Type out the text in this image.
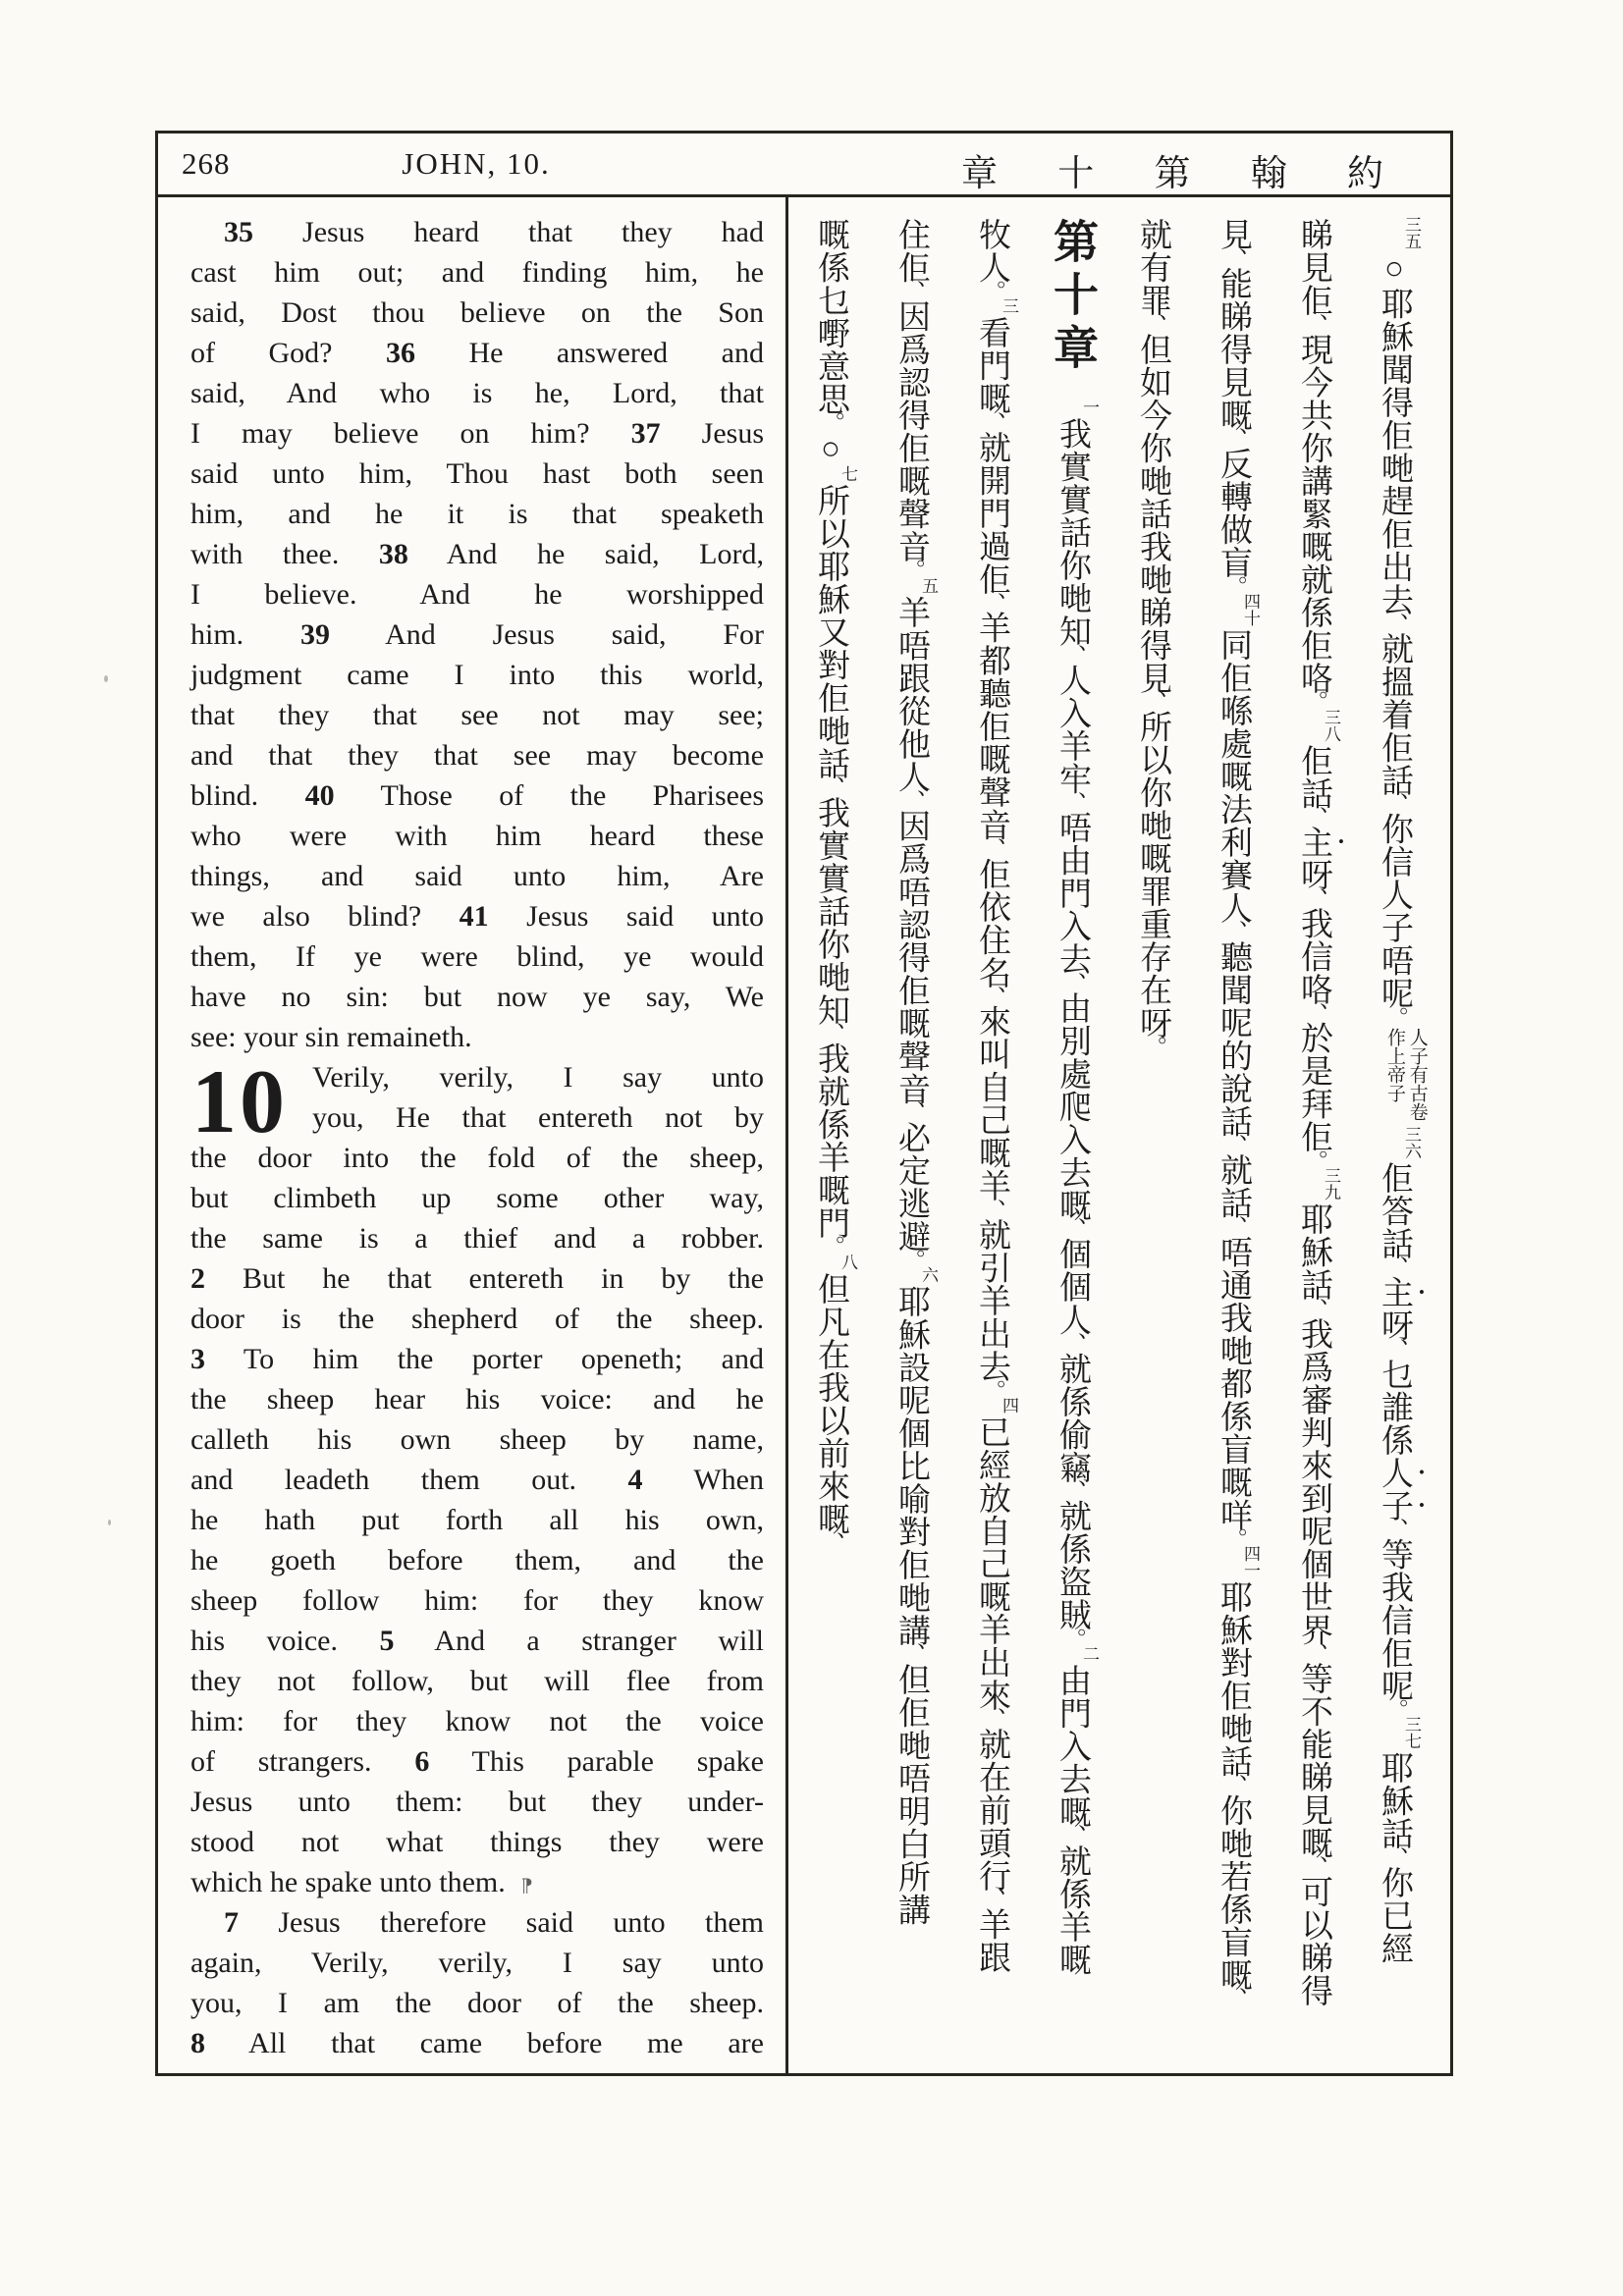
268	JOHN, 10.	章 十 第 翰 約
35 Jesus heard that they had
cast him out; and finding him, he
said, Dost thou believe on the Son
of God? 36 He answered and
said, And who is he, Lord, that
I may believe on him? 37 Jesus
said unto him, Thou hast both seen
him, and he it is that speaketh
with thee. 38 And he said, Lord,
I believe. And he worshipped
him. 39 And Jesus said, For
judgment came I into this world,
that they that see not may see;
and that they that see may become
blind. 40 Those of the Pharisees
who were with him heard these
things, and said unto him, Are
we also blind? 41 Jesus said unto
them, If ye were blind, ye would
have no sin: but now ye say, We
see: your sin remaineth.
Verily, verily, I say unto
you, He that entereth not by
the door into the fold of the sheep,
but climbeth up some other way,
the same is a thief and a robber.
2 But he that entereth in by the
door is the shepherd of the sheep.
3 To him the porter openeth; and
the sheep hear his voice: and he
calleth his own sheep by name,
and leadeth them out. 4 When
he hath put forth all his own,
he goeth before them, and the
sheep follow him: for they know
his voice. 5 And a stranger will
they not follow, but will flee from
him: for they know not the voice
of strangers. 6 This parable spake
Jesus unto them: but they under-
stood not what things they were
which he spake unto them. ⁋
7 Jesus therefore said unto them
again, Verily, verily, I say unto
you, I am the door of the sheep.
8 All that came before me are
10
三五○耶穌聞得佢哋趕佢出去、就搵着佢話、你信人子唔呢。人子有古卷作上帝子三六佢答話、主呀、乜誰係人子、等我信佢呢。三七耶穌話、你已經
睇見佢、現今共你講緊嘅就係佢咯。三八佢話、主呀、我信咯、於是拜佢。三九耶穌話、我爲審判來到呢個世界、等不能睇見嘅、可以睇得
見、能睇得見嘅、反轉做盲。四十同佢喺處嘅法利賽人、聽聞呢的說話、就話、唔通我哋都係盲嘅咩。四一耶穌對佢哋話、你哋若係盲嘅、
就有罪、但如今你哋話我哋睇得見、所以你哋嘅罪重存在呀。
第十章一我實實話你哋知、人入羊牢、唔由門入去、由別處爬入去嘅、個個人、就係偷竊、就係盜賊。二由門入去嘅、就係羊嘅
牧人。三看門嘅、就開門過佢、羊都聽佢嘅聲音、佢依住名、來叫自己嘅羊、就引羊出去。四已經放自己嘅羊出來、就在前頭行、羊跟
住佢、因爲認得佢嘅聲音。五羊唔跟從他人、因爲唔認得佢嘅聲音、必定逃避。六耶穌設呢個比喻對佢哋講、但佢哋唔明白所講
嘅係乜嘢意思。○七所以耶穌又對佢哋話、我實實話你哋知、我就係羊嘅門。八但凡在我以前來嘅、
